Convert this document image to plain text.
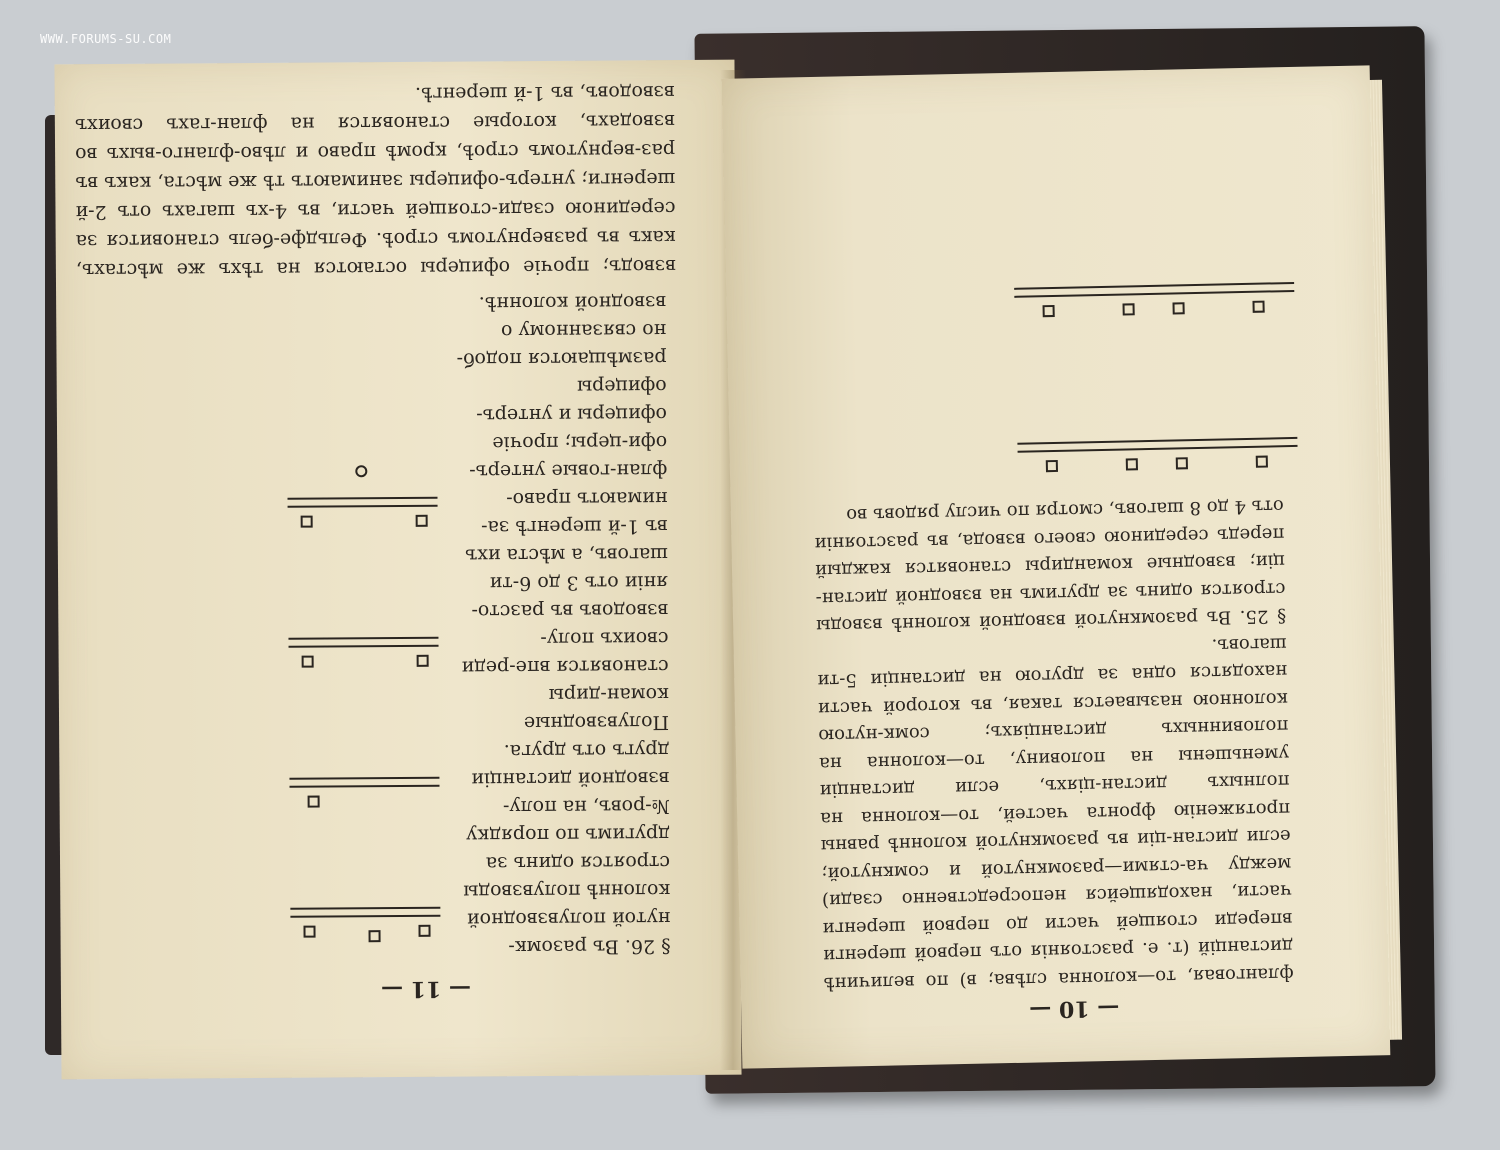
WWW.FORUMS-SU.COM
§ 26. Въ разомк-нутой полувзводной колоннѣ полувзводы строятся одинъ за другимъ по порядку №-ровъ, на полу-взводной дистанцiи другъ отъ друга. Полувзводные коман-диры становятся впе-реди своихъ полу-взводовъ въ разсто-янiи отъ 3 до 6-ти шаговъ, а мѣста ихъ въ 1-й шеренгѣ за-нимаютъ право-флан-говые унтеръ-офи-церы; прочiе офицеры и унтеръ-офицеры размѣщаются подоб-но связанному о взводной колоннѣ.
взводъ; прочiе офицеры остаются на тѣхъ же мѣстахъ, какъ въ развернутомъ строѣ. Фельдфе-бель становится за серединою сзади-стоящей части, въ 4-хъ шагахъ отъ 2-й шеренги; унтеръ-офицеры занимаютъ тѣ же мѣста, какъ въ раз-вернутомъ строѣ, кромѣ право и лѣво-фланго-выхъ во взводахъ, которые становятся на флан-гахъ своихъ взводовъ, въ 1-й шеренгѣ.
— 11 —	фланговая, то—колонна слѣва; в) по величинѣ дистанцiй (т. е. разстоянiя отъ первой шеренги впереди стоящей части до первой шеренги части, находящейся непосредственно сзади) между ча-стями—разомкнутой и сомкнутой; если дистан-цiи въ разомкнутой колоннѣ равны протяженiю фронта частей, то—колонна на полныхъ дистан-цiяхъ, если дистанцiи уменьшены на половину, то—колонна на половинныхъ дистанцiяхъ; сомк-нутою колонною называется такая, въ которой части находятся одна за другою на дистанцiи 5-ти шаговъ.
§ 25. Въ разомкнутой взводной колоннѣ взводы строятся одинъ за другимъ на взводной дистан-цiи; взводные командиры становятся каждый передъ серединою своего взвода, въ разстоянiи отъ 4 до 8 шаговъ, смотря по числу рядовъ во
— 10 —
